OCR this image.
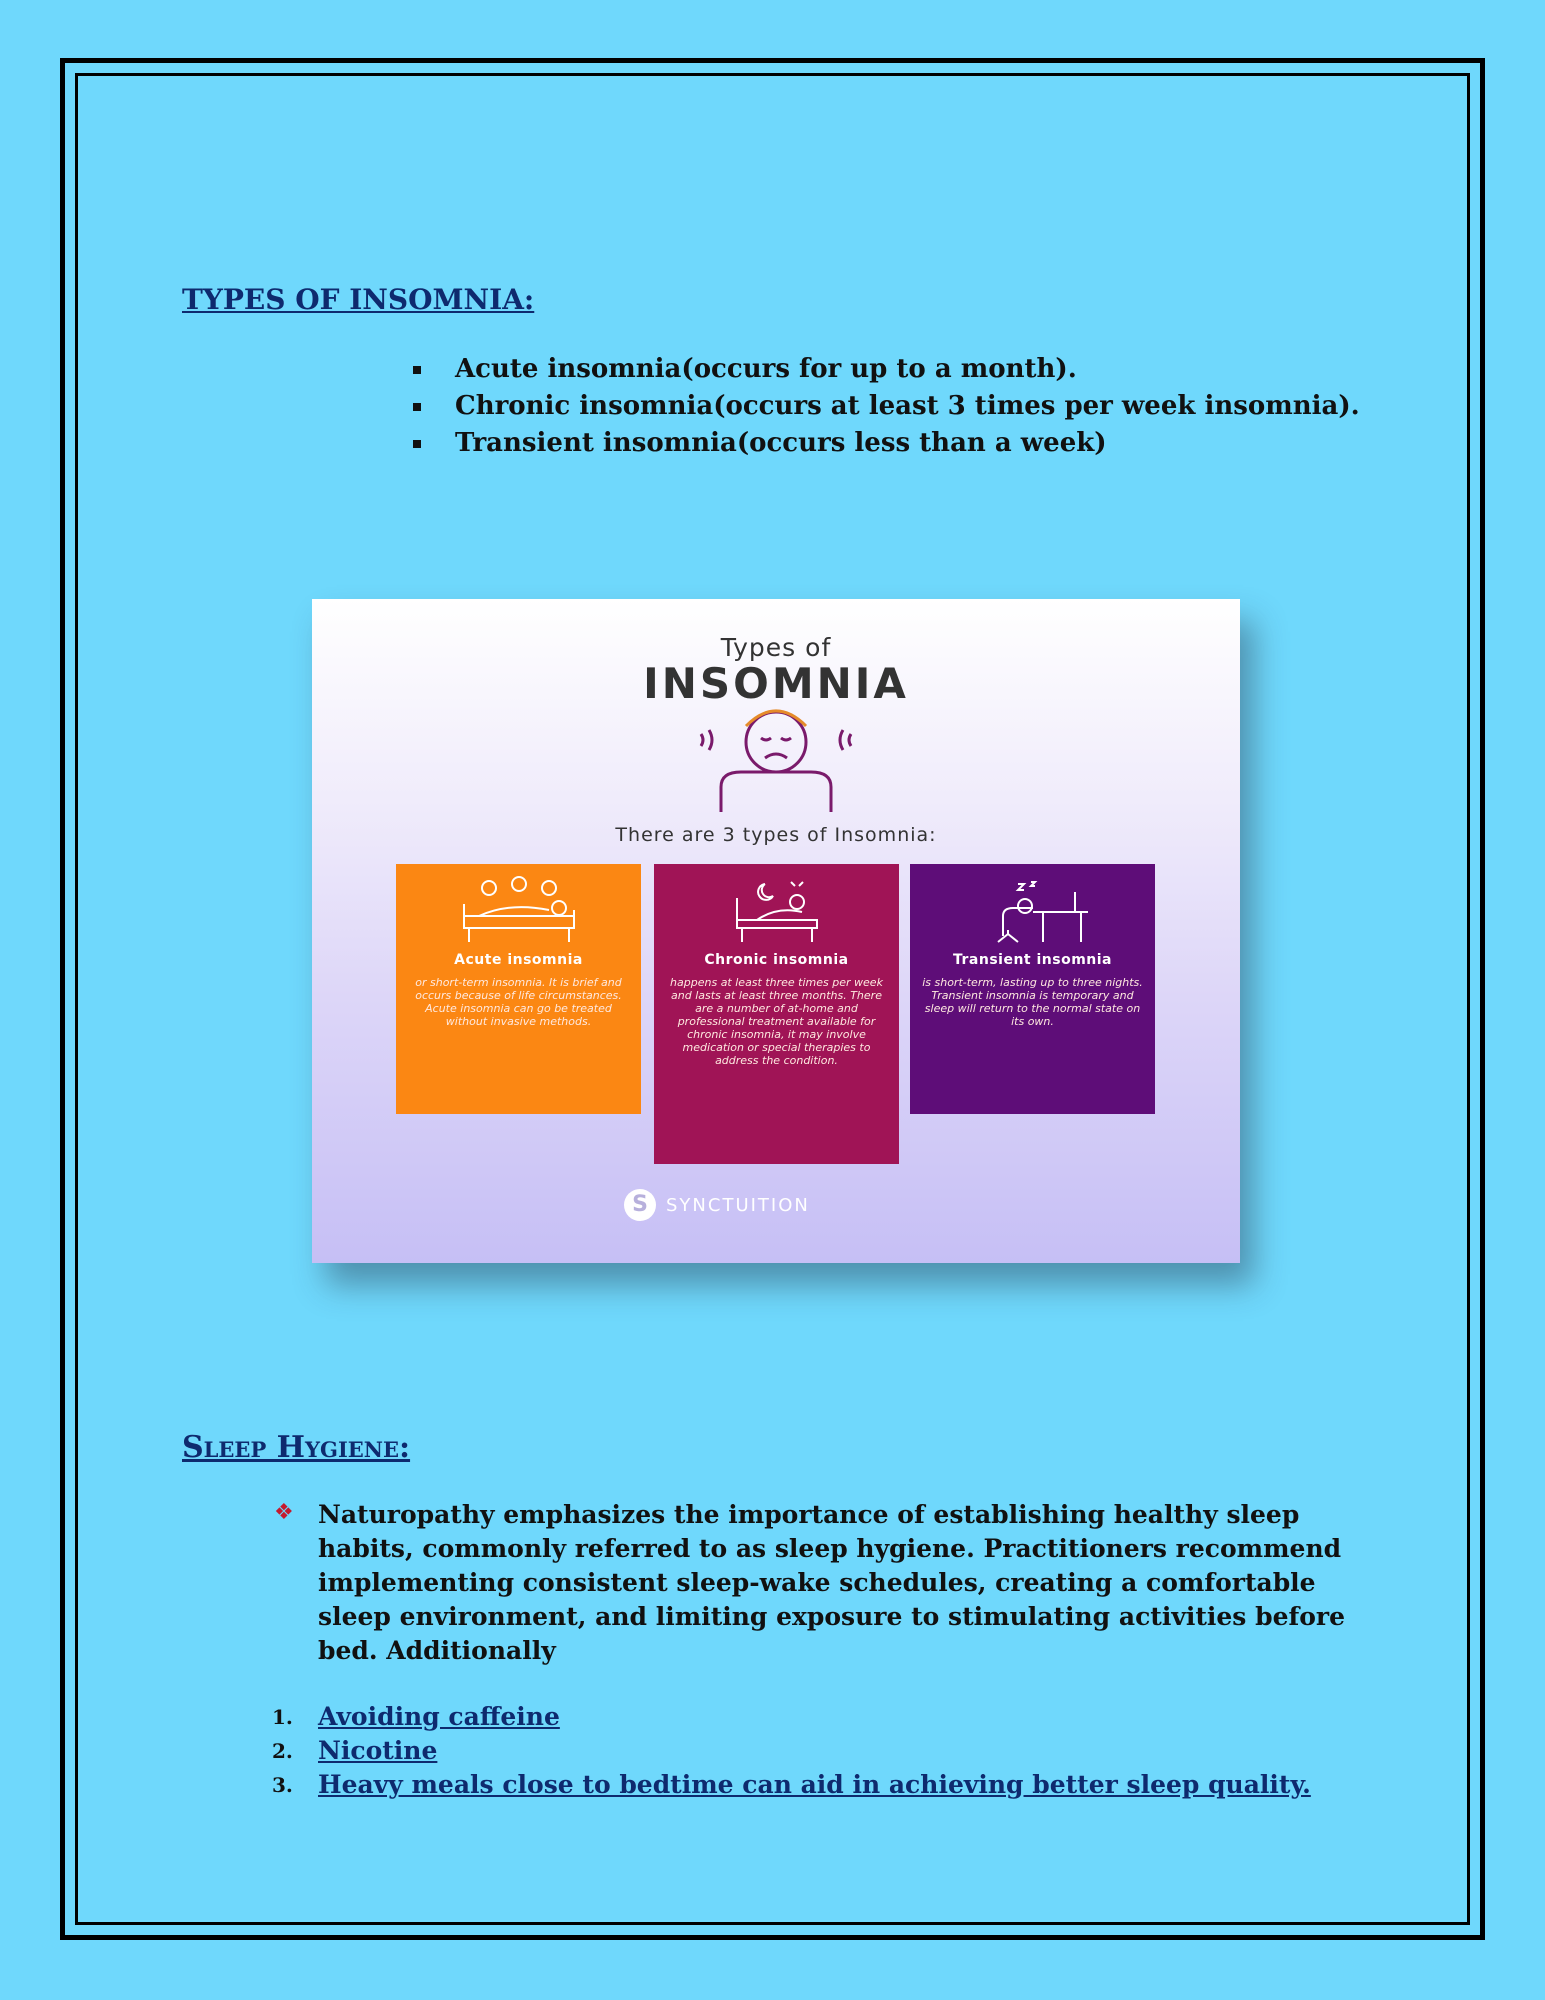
TYPES OF INSOMNIA:
Acute insomnia(occurs for up to a month).
Chronic insomnia(occurs at least 3 times per week insomnia).
Transient insomnia(occurs less than a week)
Types of
INSOMNIA
There are 3 types of Insomnia:
Acute insomnia
or short-term insomnia. It is brief and occurs because of life circumstances. Acute insomnia can go be treated without invasive methods.
Chronic insomnia
happens at least three times per week and lasts at least three months. There are a number of at-home and professional treatment available for chronic insomnia, it may involve medication or special therapies to address the condition.
Transient insomnia
is short-term, lasting up to three nights. Transient insomnia is temporary and sleep will return to the normal state on its own.
S	SYNCTUITION
Sleep Hygiene:
❖ Naturopathy emphasizes the importance of establishing healthy sleep habits, commonly referred to as sleep hygiene. Practitioners recommend implementing consistent sleep-wake schedules, creating a comfortable sleep environment, and limiting exposure to stimulating activities before bed. Additionally

1.	Avoiding caffeine
2.	Nicotine
3.	Heavy meals close to bedtime can aid in achieving better sleep quality.
